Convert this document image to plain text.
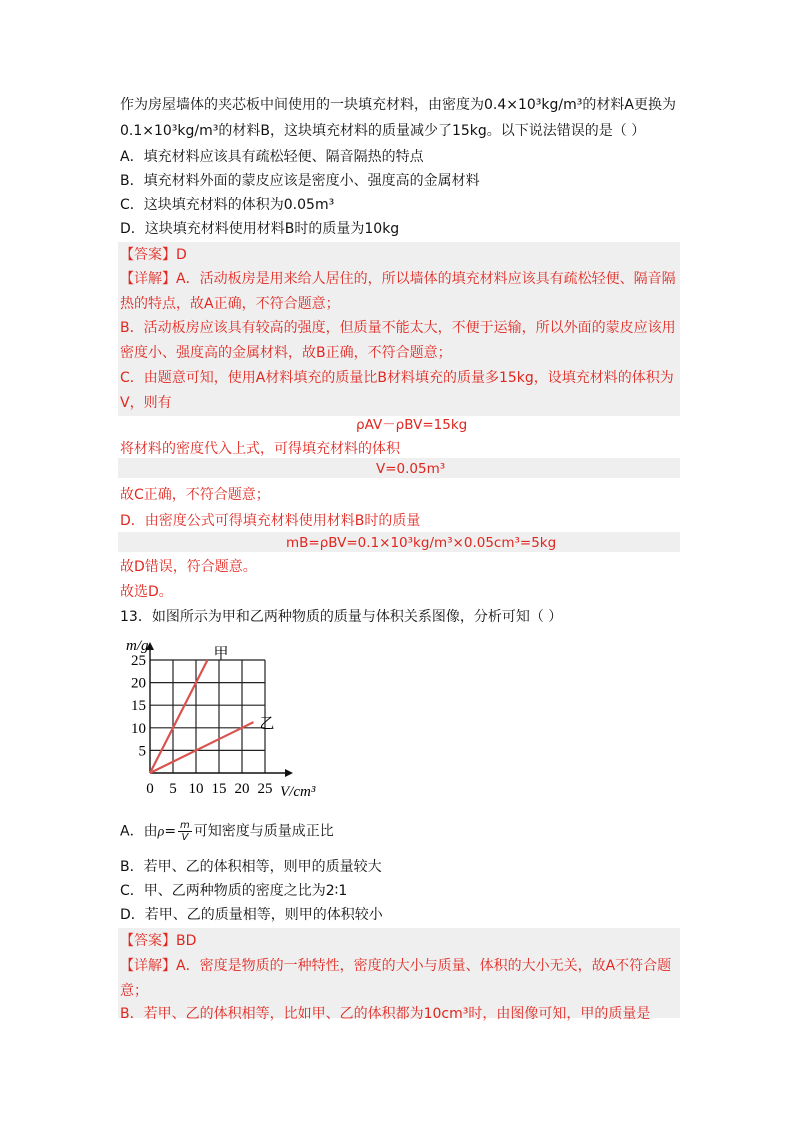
作为房屋墙体的夹芯板中间使用的一块填充材料，由密度为0.4×10³kg/m³的材料A更换为
0.1×10³kg/m³的材料B，这块填充材料的质量减少了15kg。以下说法错误的是（ ）
A．填充材料应该具有疏松轻便、隔音隔热的特点
B．填充材料外面的蒙皮应该是密度小、强度高的金属材料
C．这块填充材料的体积为0.05m³
D．这块填充材料使用材料B时的质量为10kg
【答案】D
【详解】A．活动板房是用来给人居住的，所以墙体的填充材料应该具有疏松轻便、隔音隔
热的特点，故A正确，不符合题意；
B．活动板房应该具有较高的强度，但质量不能太大，不便于运输，所以外面的蒙皮应该用
密度小、强度高的金属材料，故B正确，不符合题意；
C．由题意可知，使用A材料填充的质量比B材料填充的质量多15kg，设填充材料的体积为
V，则有
ρAV－ρBV=15kg
将材料的密度代入上式，可得填充材料的体积
V=0.05m³
故C正确，不符合题意；
D．由密度公式可得填充材料使用材料B时的质量
mB=ρBV=0.1×10³kg/m³×0.05cm³=5kg
故D错误，符合题意。
故选D。
13．如图所示为甲和乙两种物质的质量与体积关系图像，分析可知（ ）
0 5 10 15 20 25
5
10
15
20
25	甲
乙
m/g
V/cm³
A．由$\rho= \frac{m}{V}$ 可知密度与质量成正比
B．若甲、乙的体积相等，则甲的质量较大
C．甲、乙两种物质的密度之比为2∶1
D．若甲、乙的质量相等，则甲的体积较小
【答案】BD
【详解】A．密度是物质的一种特性，密度的大小与质量、体积的大小无关，故A不符合题
意；
B．若甲、乙的体积相等，比如甲、乙的体积都为10cm³时，由图像可知，甲的质量是
